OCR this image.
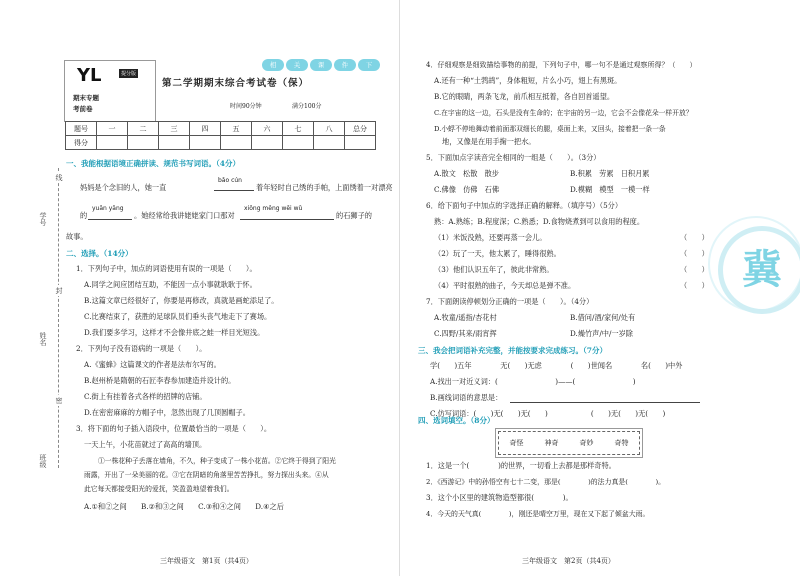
YL	提分版
期末专题
考前卷
第二学期期末综合考试卷（保）
相	关	课	件	下
时间90分钟	满分100分
题号	一	二	三	四	五	六	七	八	总分
得分									
线
学号
封
姓名
密
班级
一、我能根据语境正确拼读、规范书写词语。（4分）
bǎo cún
妈妈是个念旧的人，她一直	着年轻时自己绣的手帕，上面绣着一对漂亮
yuān yāng	xiōng měng wēi wǔ
的	。她经常给我讲姥姥家门口那对	的石狮子的
故事。
二、选择。（14分）
1．下列句子中，加点的词语使用有误的一项是（　　）。
A.同学之间应团结互助，不能因一点小事就耿耿于怀。
B.这篇文章已经很好了，你要是再修改，真就是画蛇添足了。
C.比赛结束了，获胜的足球队员们垂头丧气地走下了赛场。
D.我们要多学习，这样才不会像井底之蛙一样目光短浅。
2．下列句子没有语病的一项是（　　）。
A.《蜜蜂》这篇课文的作者是法布尔写的。
B.赵州桥是隋朝的石匠李春参加建造并设计的。
C.街上有挂着各式各样的招牌的店铺。
D.在密密麻麻的方帽子中，忽然出现了几顶圆帽子。
3．将下面的句子插入语段中，位置最恰当的一项是（　　）。
一天上午，小花苗就过了高高的墙顶。
①一株花种子丢落在墙角，不久，种子变成了一株小花苗。②它终于得到了阳光
雨露，开出了一朵美丽的花。③它在阴暗的角落里苦苦挣扎，努力探出头来。④从
此它每天都接受阳光的爱抚，笑盈盈地望着我们。
A.①和②之间　　B.②和③之间　　C.③和④之间　　D.④之后
三年级语文　第1页（共4页）
4．仔细观察是细致描绘事物的前提，下列句子中，哪一句不是通过观察所得？（　　）
A.还有一种“土鹁鸪”，身体粗短，片么小巧，翅上有黑斑。
B.它的眼睛，两条飞龙，前爪相互抵着，各自回首遥望。
C.在宇宙的这一边，石头是没有生命的；在宇宙的另一边，它会不会像花朵一样开放？
D.小蜉不停地舞动着前面那双细长的腿，桌面上来，又回头，接着把一条一条
地，又像是在用手掬一把水。
5．下面加点字读音完全相同的一组是（　　）。（3分）
A.散文　松散　散步	B.积累　劳累　日积月累
C.佛像　仿佛　石佛	D.模糊　模型　一模一样
6．给下面句子中加点的字选择正确的解释。（填序号）（5分）
熟：A.熟练；B.程度深；C.熟悉；D.食物烧煮到可以食用的程度。
（1）米饭没熟，还要再蒸一会儿。	（　　）
（2）玩了一天，他太累了，睡得很熟。	（　　）
（3）他们认识五年了，彼此非常熟。	（　　）
（4）平时很熟的曲子，今天却总是弹不准。	（　　）
7．下面朗读停顿划分正确的一项是（　　）。（4分）
A.牧童/遥指/杏花村	B.借问/酒/家何/处有
C.四野/其来/雨宵挥	D.燥竹声/中/一岁除
三、我会把词语补充完整，并能按要求完成练习。（7分）
学(　　)五年　　　　无(　　)无虑　　　　(　　)世闻名　　　　名(　　)中外
A.找出一对近义词：(　　　　　　　　)——(　　　　　　　　)
B.画线词语的意思是：
C.仿写词语：(　　)无(　　)无(　　)　　　　　　(　　)无(　　)无(　　)
四、选词填空。（8分）
奇怪	神奇	奇妙	奇特
1．这是一个(　　　　)的世界，一切看上去都是那样奇特。
2．《西游记》中的孙悟空有七十二变，那是(　　　　)的法力真是(　　　　)。
3．这个小区里的建筑物造型都很(　　　　)。
4．今天的天气真(　　　　)，刚还是晴空万里，现在又下起了倾盆大雨。
冀
三年级语文　第2页（共4页）
